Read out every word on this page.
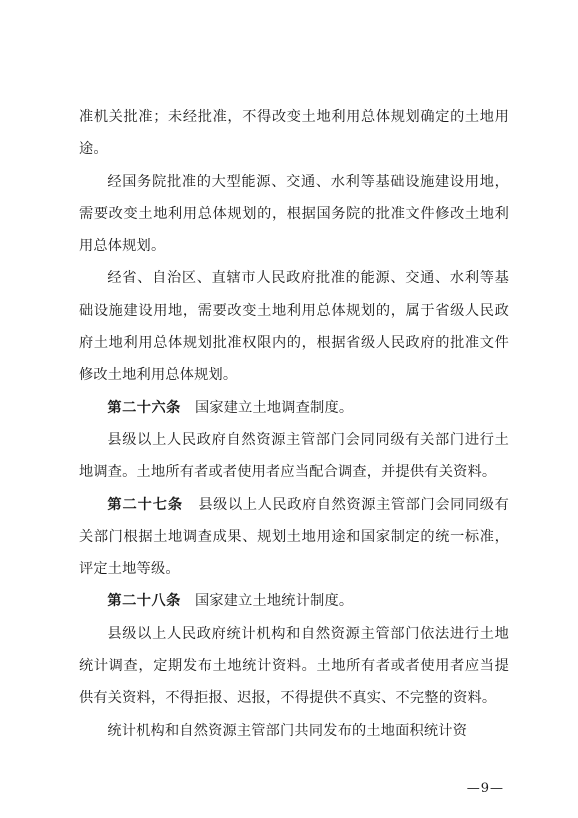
准机关批准；未经批准，不得改变土地利用总体规划确定的土地用途。

经国务院批准的大型能源、交通、水利等基础设施建设用地，需要改变土地利用总体规划的，根据国务院的批准文件修改土地利用总体规划。

经省、自治区、直辖市人民政府批准的能源、交通、水利等基础设施建设用地，需要改变土地利用总体规划的，属于省级人民政府土地利用总体规划批准权限内的，根据省级人民政府的批准文件修改土地利用总体规划。

第二十六条 国家建立土地调查制度。

县级以上人民政府自然资源主管部门会同同级有关部门进行土地调查。土地所有者或者使用者应当配合调查，并提供有关资料。

第二十七条 县级以上人民政府自然资源主管部门会同同级有关部门根据土地调查成果、规划土地用途和国家制定的统一标准，评定土地等级。

第二十八条 国家建立土地统计制度。

县级以上人民政府统计机构和自然资源主管部门依法进行土地统计调查，定期发布土地统计资料。土地所有者或者使用者应当提供有关资料，不得拒报、迟报，不得提供不真实、不完整的资料。

统计机构和自然资源主管部门共同发布的土地面积统计资

—9—
